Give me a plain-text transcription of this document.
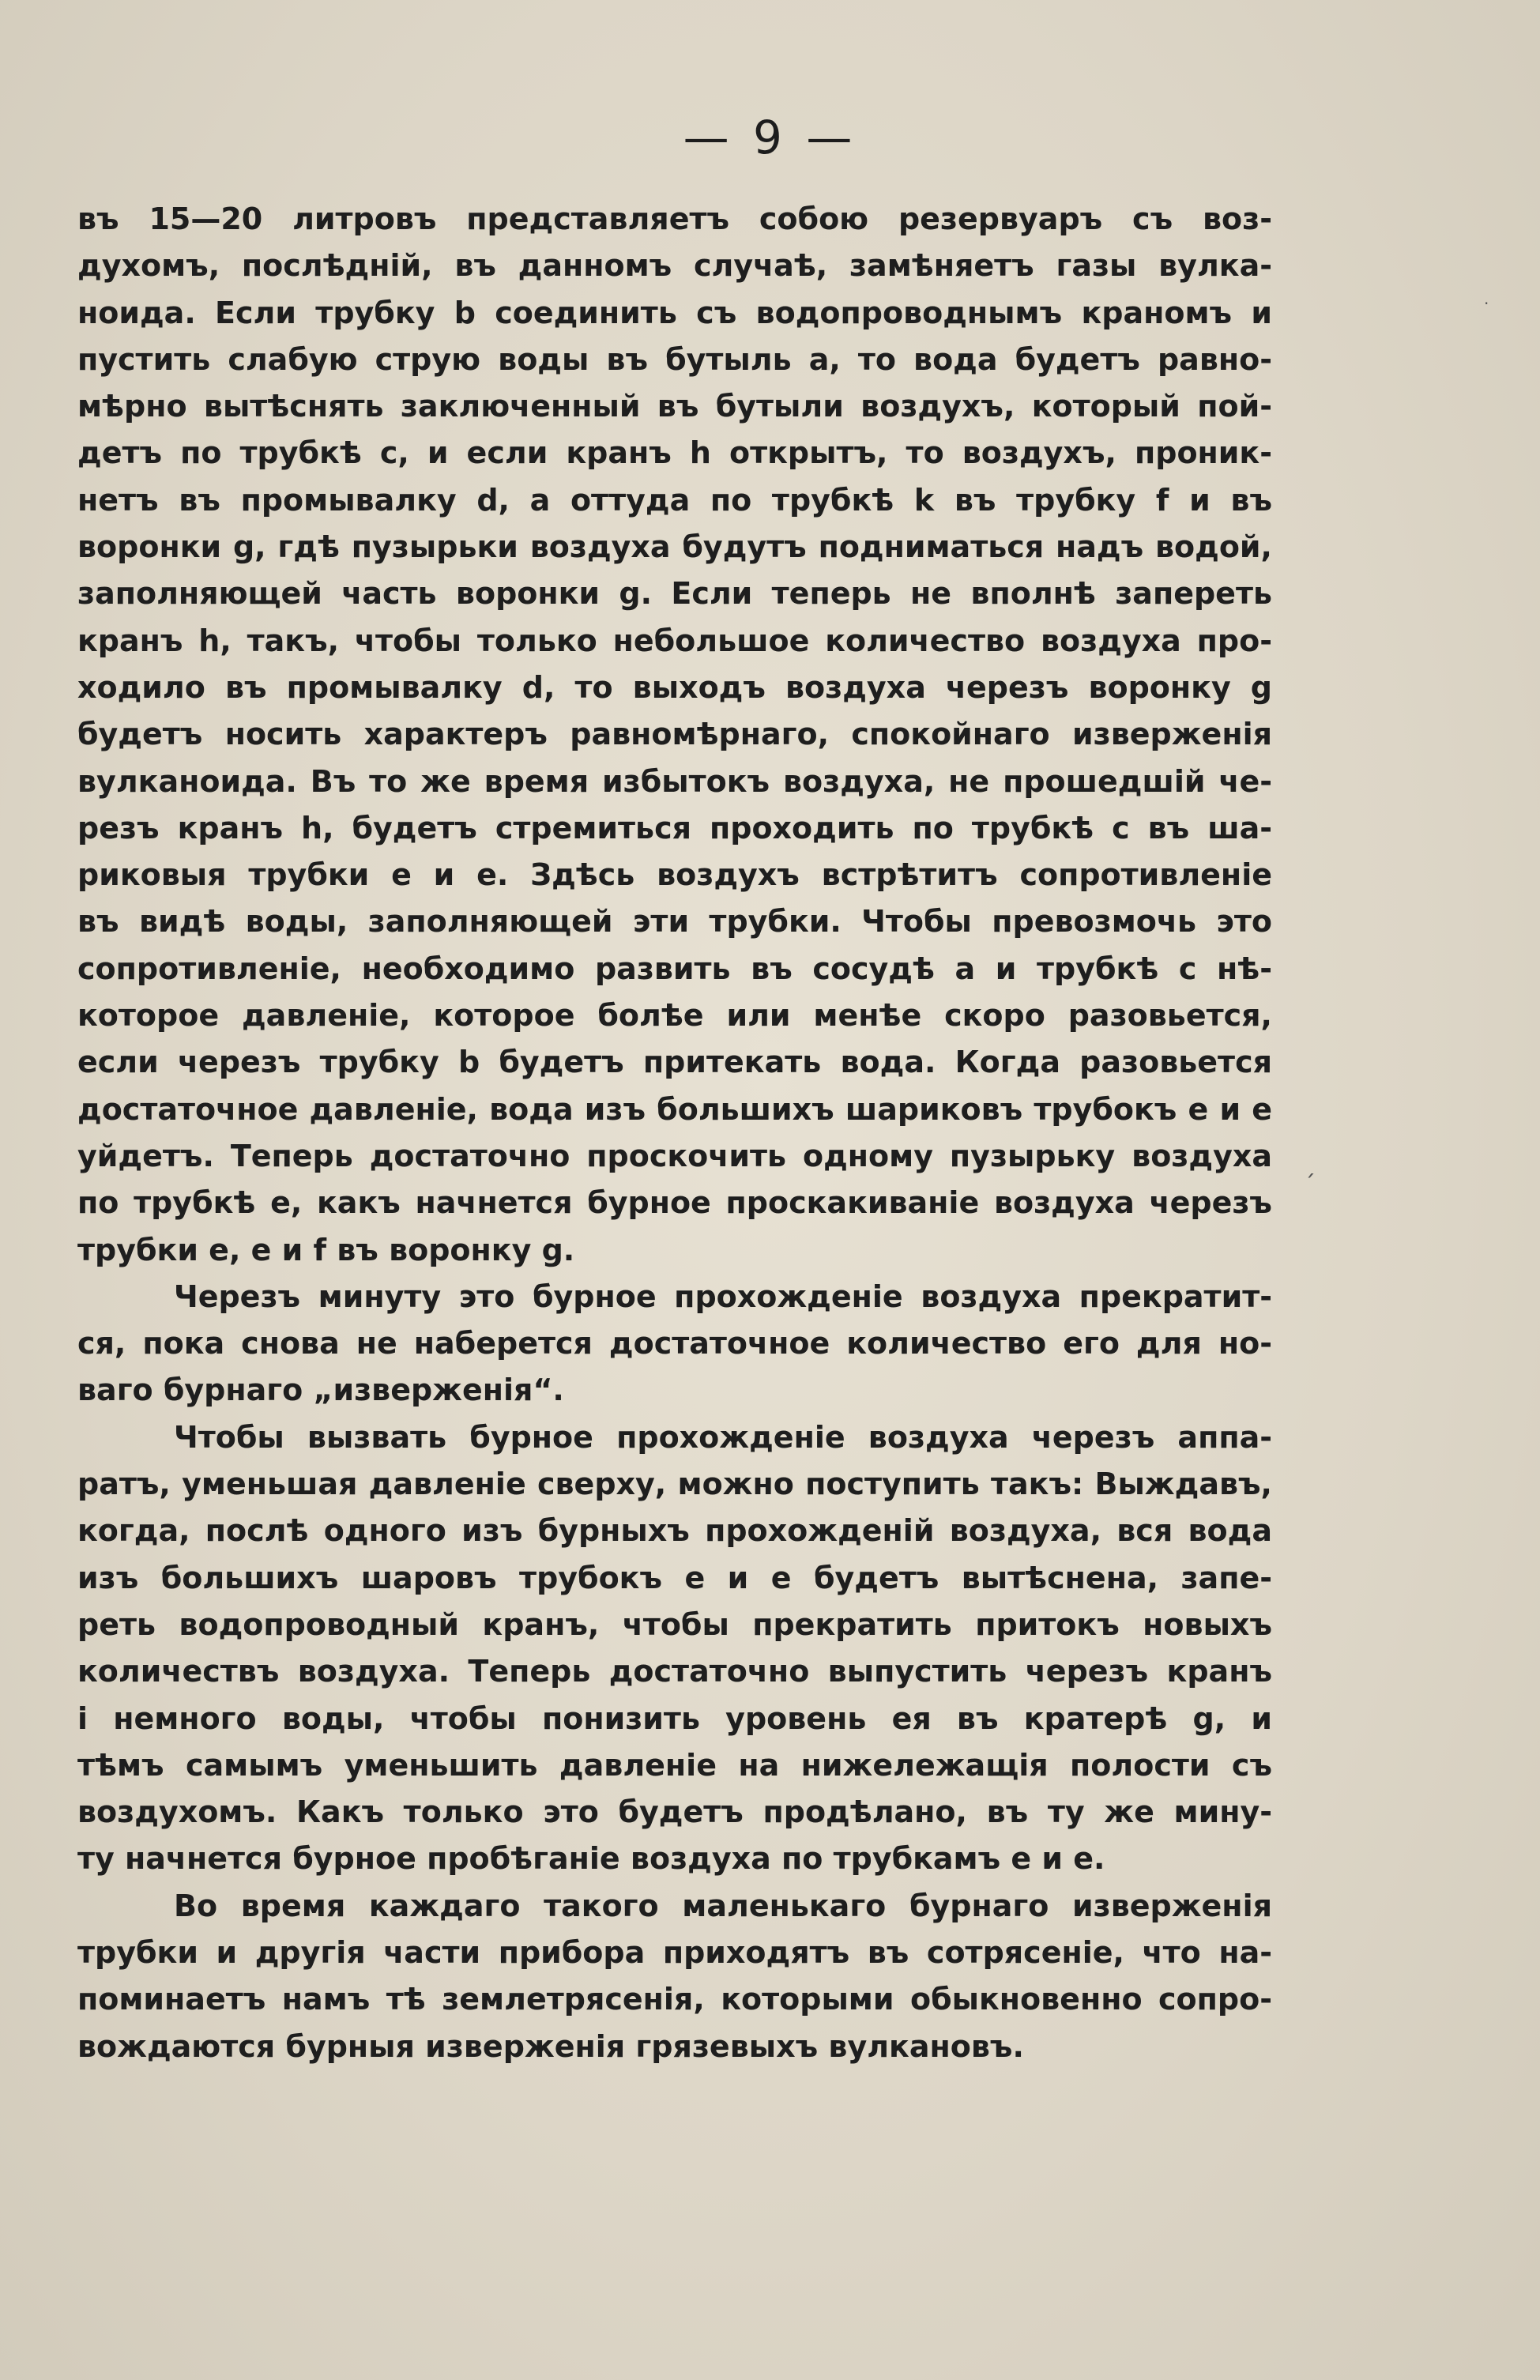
— 9 —
въ 15—20 литровъ представляетъ собою резервуаръ съ воз-
духомъ, послѣднiй, въ данномъ случаѣ, замѣняетъ газы вулка-
ноида. Если трубку b соединить съ водопроводнымъ краномъ и
пустить слабую струю воды въ бутыль a, то вода будетъ равно-
мѣрно вытѣснять заключенный въ бутыли воздухъ, который пой-
детъ по трубкѣ c, и если кранъ h открытъ, то воздухъ, проник-
нетъ въ промывалку d, а оттуда по трубкѣ k въ трубку f и въ
воронки g, гдѣ пузырьки воздуха будутъ подниматься надъ водой,
заполняющей часть воронки g. Если теперь не вполнѣ запереть
кранъ h, такъ, чтобы только небольшое количество воздуха про-
ходило въ промывалку d, то выходъ воздуха черезъ воронку g
будетъ носить характеръ равномѣрнаго, спокойнаго изверженiя
вулканоида. Въ то же время избытокъ воздуха, не прошедшiй че-
резъ кранъ h, будетъ стремиться проходить по трубкѣ c въ ша-
риковыя трубки e и e. Здѣсь воздухъ встрѣтитъ сопротивленiе
въ видѣ воды, заполняющей эти трубки. Чтобы превозмочь это
сопротивленiе, необходимо развить въ сосудѣ a и трубкѣ c нѣ-
которое давленiе, которое болѣе или менѣе скоро разовьется,
если черезъ трубку b будетъ притекать вода. Когда разовьется
достаточное давленiе, вода изъ большихъ шариковъ трубокъ e и e
уйдетъ. Теперь достаточно проскочить одному пузырьку воздуха
по трубкѣ e, какъ начнется бурное проскакиванiе воздуха черезъ
трубки e, e и f въ воронку g.
Черезъ минуту это бурное прохожденiе воздуха прекратит-
ся, пока снова не наберется достаточное количество его для но-
ваго бурнаго „изверженiя“.
Чтобы вызвать бурное прохожденiе воздуха черезъ аппа-
ратъ, уменьшая давленiе сверху, можно поступить такъ: Выждавъ,
когда, послѣ одного изъ бурныхъ прохожденiй воздуха, вся вода
изъ большихъ шаровъ трубокъ e и e будетъ вытѣснена, запе-
реть водопроводный кранъ, чтобы прекратить притокъ новыхъ
количествъ воздуха. Теперь достаточно выпустить черезъ кранъ
i немного воды, чтобы понизить уровень ея въ кратерѣ g, и
тѣмъ самымъ уменьшить давленiе на нижележащiя полости съ
воздухомъ. Какъ только это будетъ продѣлано, въ ту же мину-
ту начнется бурное пробѣганiе воздуха по трубкамъ e и e.
Во время каждаго такого маленькаго бурнаго изверженiя
трубки и другiя части прибора приходятъ въ сотрясенiе, что на-
поминаетъ намъ тѣ землетрясенiя, которыми обыкновенно сопро-
вождаются бурныя изверженiя грязевыхъ вулкановъ.
·
ˊ
